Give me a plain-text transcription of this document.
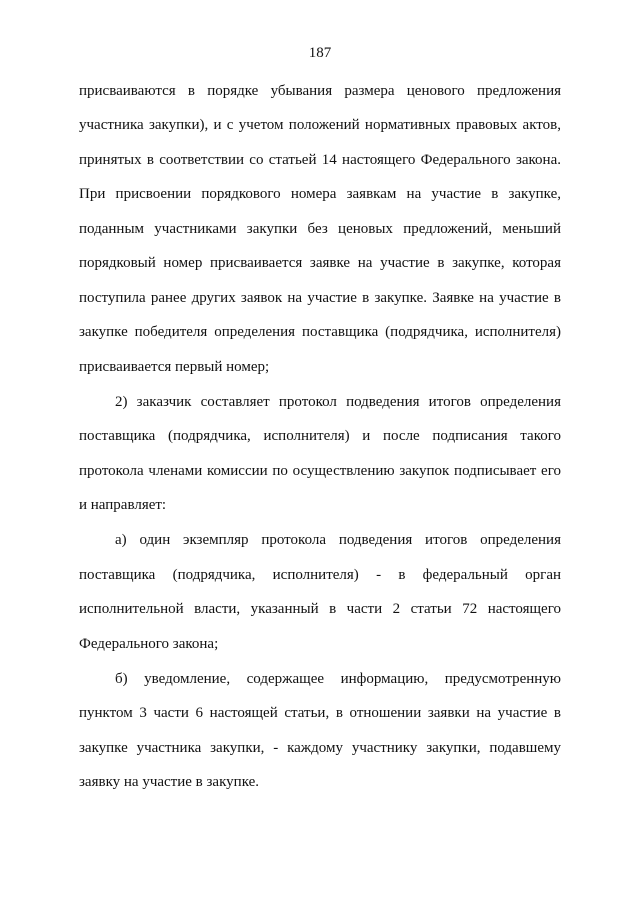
187
присваиваются в порядке убывания размера ценового предложения
участника закупки), и с учетом положений нормативных правовых актов,
принятых в соответствии со статьей 14 настоящего Федерального закона.
При присвоении порядкового номера заявкам на участие в закупке,
поданным участниками закупки без ценовых предложений, меньший
порядковый номер присваивается заявке на участие в закупке, которая
поступила ранее других заявок на участие в закупке. Заявке на участие в
закупке победителя определения поставщика (подрядчика, исполнителя)
присваивается первый номер;
2) заказчик составляет протокол подведения итогов определения
поставщика (подрядчика, исполнителя) и после подписания такого
протокола членами комиссии по осуществлению закупок подписывает его
и направляет:
а) один экземпляр протокола подведения итогов определения
поставщика (подрядчика, исполнителя) - в федеральный орган
исполнительной власти, указанный в части 2 статьи 72 настоящего
Федерального закона;
б) уведомление, содержащее информацию, предусмотренную
пунктом 3 части 6 настоящей статьи, в отношении заявки на участие в
закупке участника закупки, - каждому участнику закупки, подавшему
заявку на участие в закупке.
